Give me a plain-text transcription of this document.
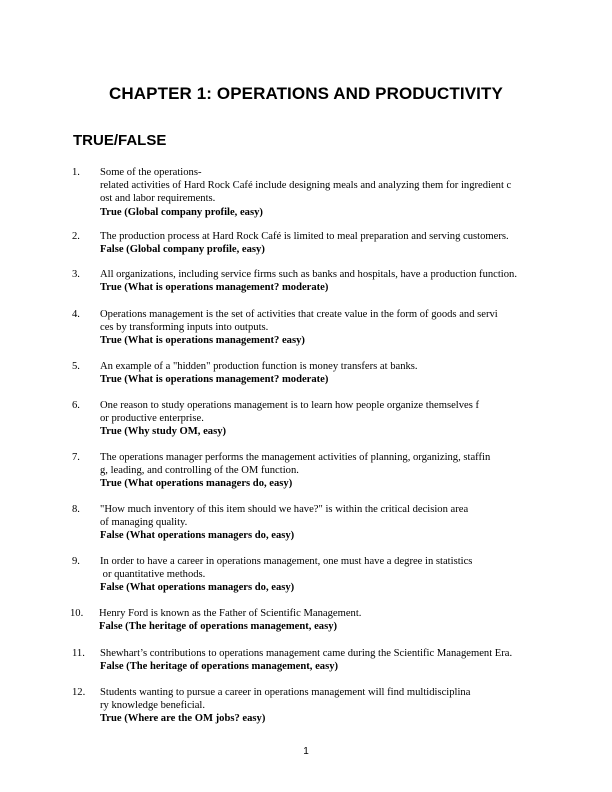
CHAPTER 1: OPERATIONS AND PRODUCTIVITY
TRUE/FALSE
1. Some of the operations-
related activities of Hard Rock Café include designing meals and analyzing them for ingredient c
ost and labor requirements.
True (Global company profile, easy)
2. The production process at Hard Rock Café is limited to meal preparation and serving customers.
False (Global company profile, easy)
3. All organizations, including service firms such as banks and hospitals, have a production function.
True (What is operations management? moderate)
4. Operations management is the set of activities that create value in the form of goods and servi
ces by transforming inputs into outputs.
True (What is operations management? easy)
5. An example of a "hidden" production function is money transfers at banks.
True (What is operations management? moderate)
6. One reason to study operations management is to learn how people organize themselves f
or productive enterprise.
True (Why study OM, easy)
7. The operations manager performs the management activities of planning, organizing, staffin
g, leading, and controlling of the OM function.
True (What operations managers do, easy)
8. "How much inventory of this item should we have?" is within the critical decision area
of managing quality.
False (What operations managers do, easy)
9. In order to have a career in operations management, one must have a degree in statistics
or quantitative methods.
False (What operations managers do, easy)
10. Henry Ford is known as the Father of Scientific Management.
False (The heritage of operations management, easy)
11. Shewhart’s contributions to operations management came during the Scientific Management Era.
False (The heritage of operations management, easy)
12. Students wanting to pursue a career in operations management will find multidisciplina
ry knowledge beneficial.
True (Where are the OM jobs? easy)
1
